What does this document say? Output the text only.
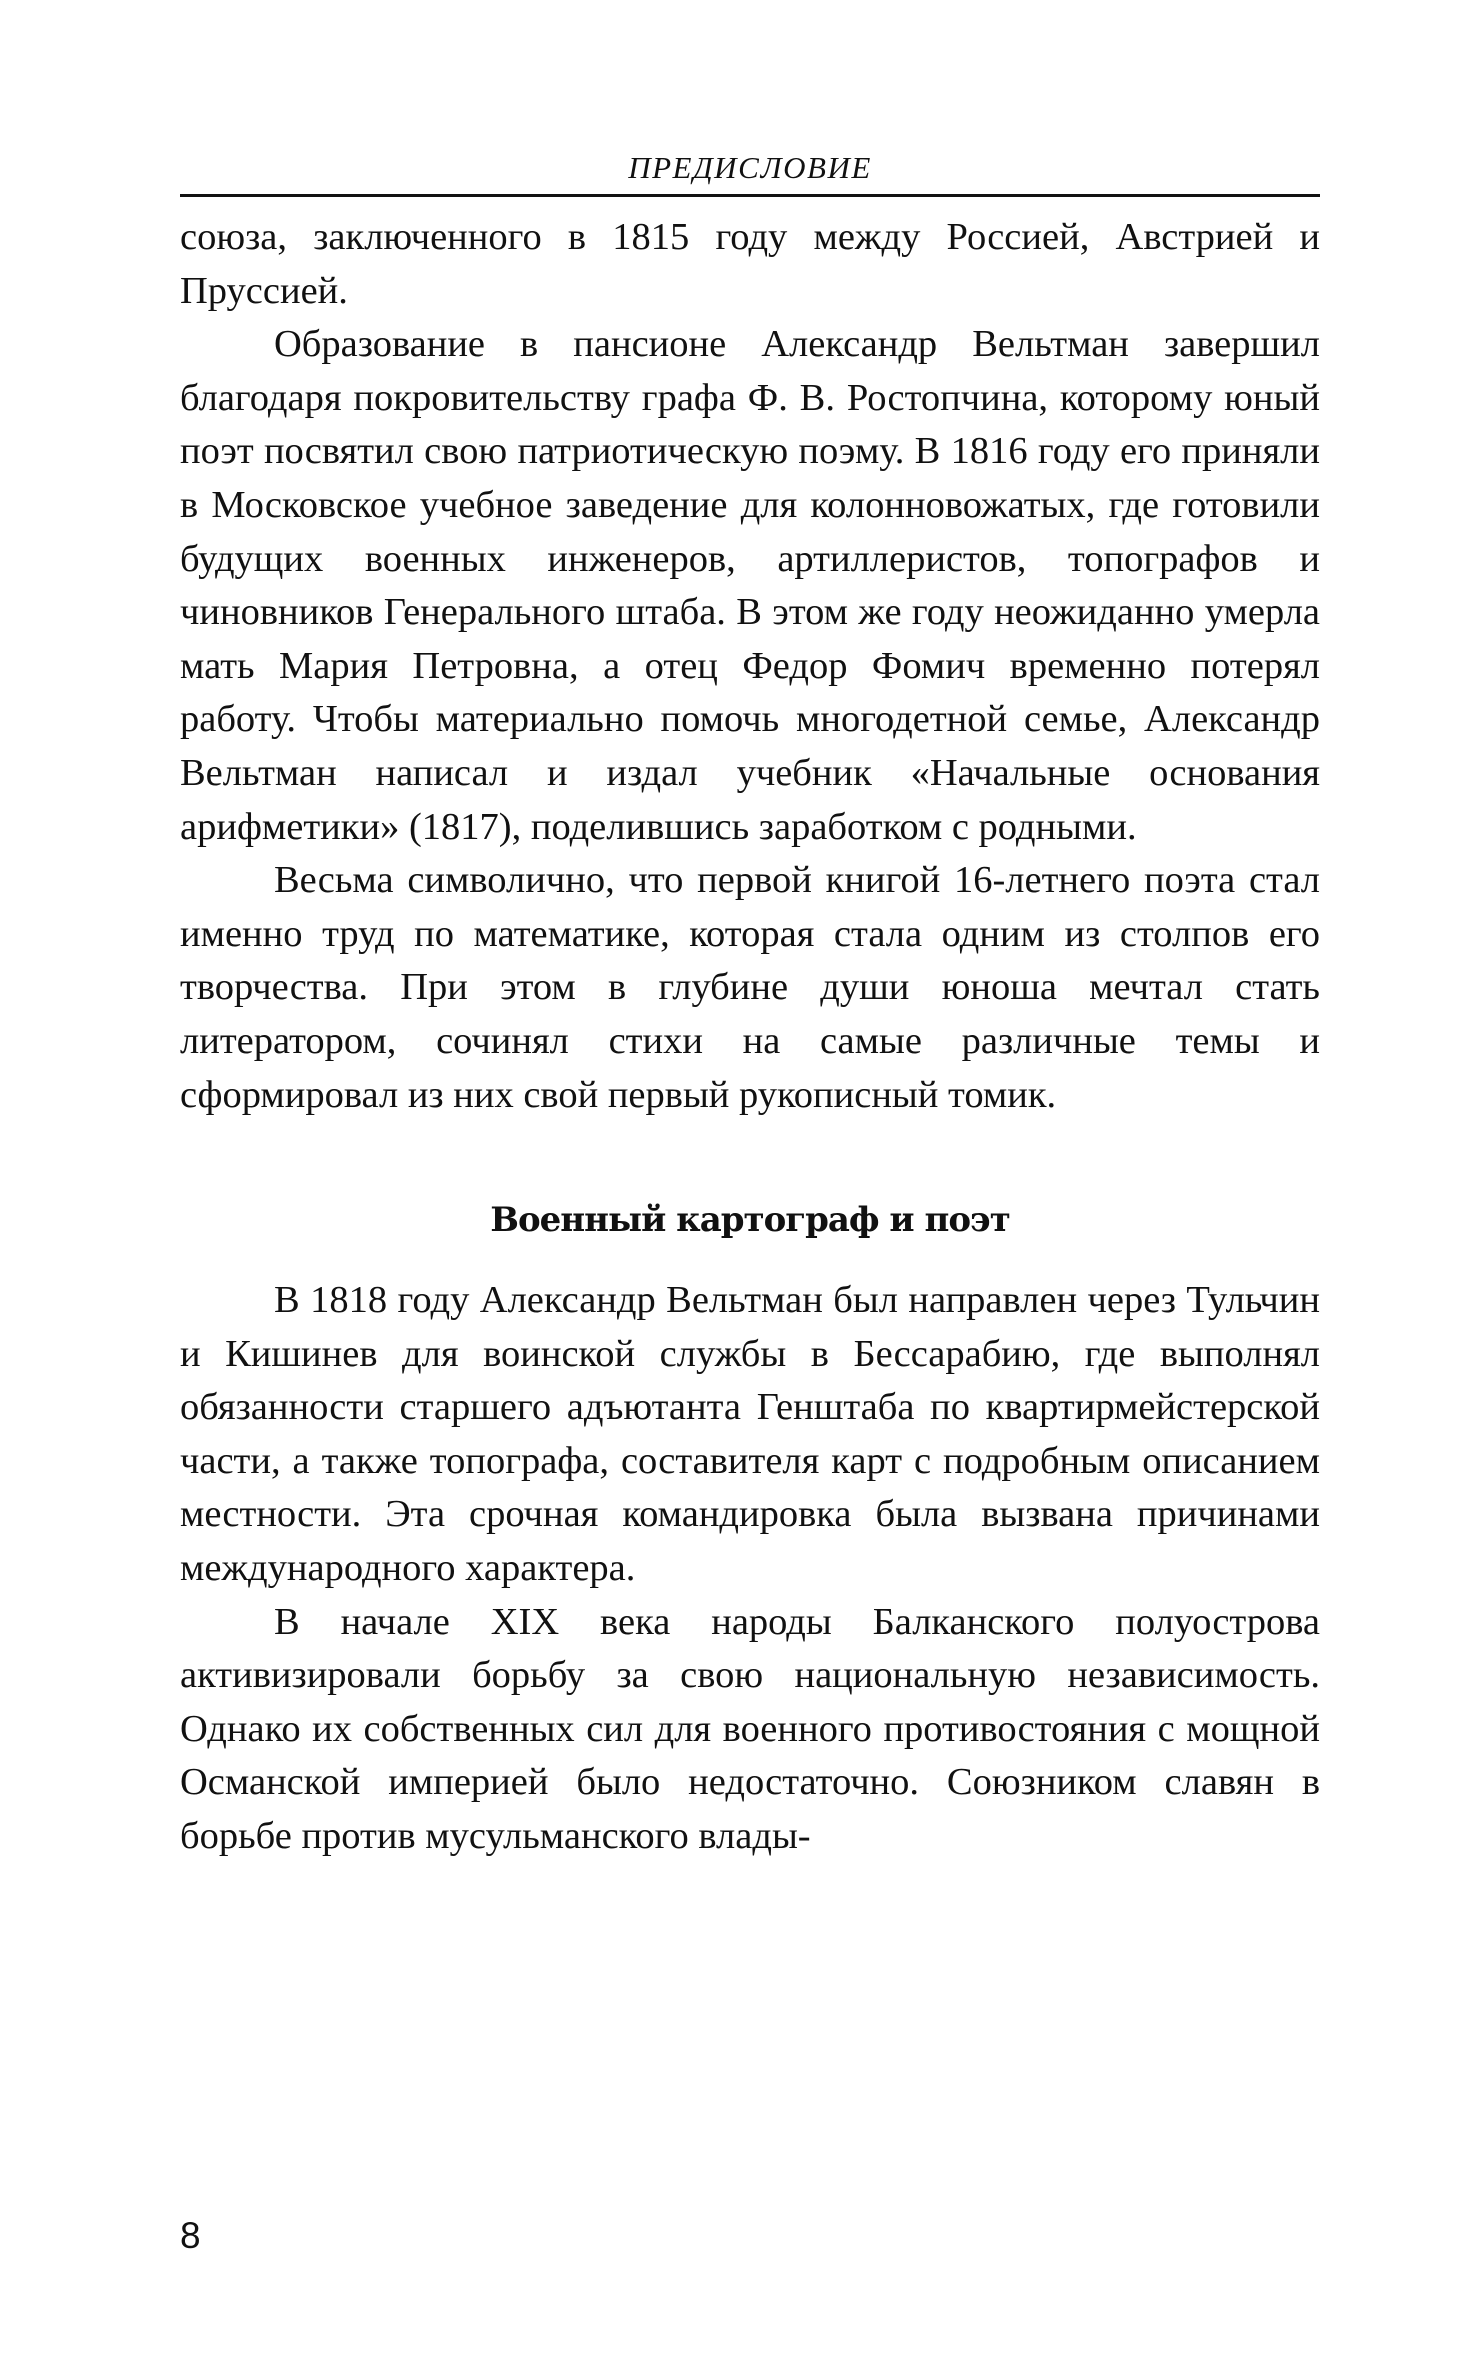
ПРЕДИСЛОВИЕ

союза, заключенного в 1815 году между Россией, Австрией и Пруссией.

Образование в пансионе Александр Вельтман завершил благодаря покровительству графа Ф. В. Ростопчина, которому юный поэт посвятил свою патриотическую поэму. В 1816 году его приняли в Московское учебное заведение для колонновожатых, где готовили будущих военных инженеров, артиллеристов, топографов и чиновников Генерального штаба. В этом же году неожиданно умерла мать Мария Петровна, а отец Федор Фомич временно потерял работу. Чтобы материально помочь многодетной семье, Александр Вельтман написал и издал учебник «Начальные основания арифметики» (1817), поделившись заработком с родными.

Весьма символично, что первой книгой 16-летнего поэта стал именно труд по математике, которая стала одним из столпов его творчества. При этом в глубине души юноша мечтал стать литератором, сочинял стихи на самые различные темы и сформировал из них свой первый рукописный томик.

Военный картограф и поэт

В 1818 году Александр Вельтман был направлен через Тульчин и Кишинев для воинской службы в Бессарабию, где выполнял обязанности старшего адъютанта Генштаба по квартирмейстерской части, а также топографа, составителя карт с подробным описанием местности. Эта срочная командировка была вызвана причинами международного характера.

В начале XIX века народы Балканского полуострова активизировали борьбу за свою национальную независимость. Однако их собственных сил для военного противостояния с мощной Османской империей было недостаточно. Союзником славян в борьбе против мусульманского влады-

8
